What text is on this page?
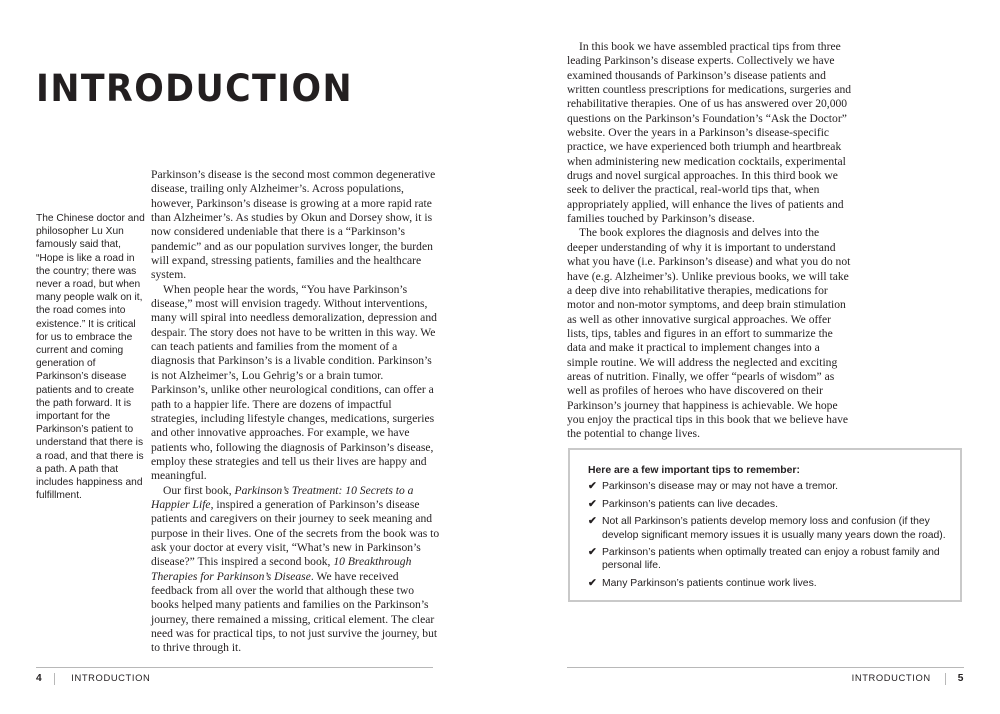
INTRODUCTION
The Chinese doctor and philosopher Lu Xun famously said that, “Hope is like a road in the country; there was never a road, but when many people walk on it, the road comes into existence.” It is critical for us to embrace the current and coming generation of Parkinson’s disease patients and to create the path forward. It is important for the Parkinson’s patient to understand that there is a road, and that there is a path. A path that includes happiness and fulfillment.

Parkinson’s disease is the second most common degenerative disease, trailing only Alzheimer’s. Across populations, however, Parkinson’s disease is growing at a more rapid rate than Alzheimer’s. As studies by Okun and Dorsey show, it is now considered undeniable that there is a “Parkinson’s pandemic” and as our population survives longer, the burden will expand, stressing patients, families and the healthcare system.

When people hear the words, “You have Parkinson’s disease,” most will envision tragedy. Without interventions, many will spiral into needless demoralization, depression and despair. The story does not have to be written in this way. We can teach patients and families from the moment of a diagnosis that Parkinson’s is a livable condition. Parkinson’s is not Alzheimer’s, Lou Gehrig’s or a brain tumor. Parkinson’s, unlike other neurological conditions, can offer a path to a happier life. There are dozens of impactful strategies, including lifestyle changes, medications, surgeries and other innovative approaches. For example, we have patients who, following the diagnosis of Parkinson’s disease, employ these strategies and tell us their lives are happy and meaningful.

Our first book, Parkinson’s Treatment: 10 Secrets to a Happier Life, inspired a generation of Parkinson’s disease patients and caregivers on their journey to seek meaning and purpose in their lives. One of the secrets from the book was to ask your doctor at every visit, “What’s new in Parkinson’s disease?” This inspired a second book, 10 Breakthrough Therapies for Parkinson’s Disease. We have received feedback from all over the world that although these two books helped many patients and families on the Parkinson’s journey, there remained a missing, critical element. The clear need was for practical tips, to not just survive the journey, but to thrive through it.

In this book we have assembled practical tips from three leading Parkinson’s disease experts. Collectively we have examined thousands of Parkinson’s disease patients and written countless prescriptions for medications, surgeries and rehabilitative therapies. One of us has answered over 20,000 questions on the Parkinson’s Foundation’s “Ask the Doctor” website. Over the years in a Parkinson’s disease-specific practice, we have experienced both triumph and heartbreak when administering new medication cocktails, experimental drugs and novel surgical approaches. In this third book we seek to deliver the practical, real-world tips that, when appropriately applied, will enhance the lives of patients and families touched by Parkinson’s disease.

The book explores the diagnosis and delves into the deeper understanding of why it is important to understand what you have (i.e. Parkinson’s disease) and what you do not have (e.g. Alzheimer’s). Unlike previous books, we will take a deep dive into rehabilitative therapies, medications for motor and non-motor symptoms, and deep brain stimulation as well as other innovative surgical approaches. We offer lists, tips, tables and figures in an effort to summarize the data and make it practical to implement changes into a simple routine. We will address the neglected and exciting areas of nutrition. Finally, we offer “pearls of wisdom” as well as profiles of heroes who have discovered on their Parkinson’s journey that happiness is achievable. We hope you enjoy the practical tips in this book that we believe have the potential to change lives.

Here are a few important tips to remember:
✔ Parkinson’s disease may or may not have a tremor.
✔ Parkinson’s patients can live decades.
✔ Not all Parkinson’s patients develop memory loss and confusion (if they develop significant memory issues it is usually many years down the road).
✔ Parkinson’s patients when optimally treated can enjoy a robust family and personal life.
✔ Many Parkinson’s patients continue work lives.
4	INTRODUCTION	INTRODUCTION	5
